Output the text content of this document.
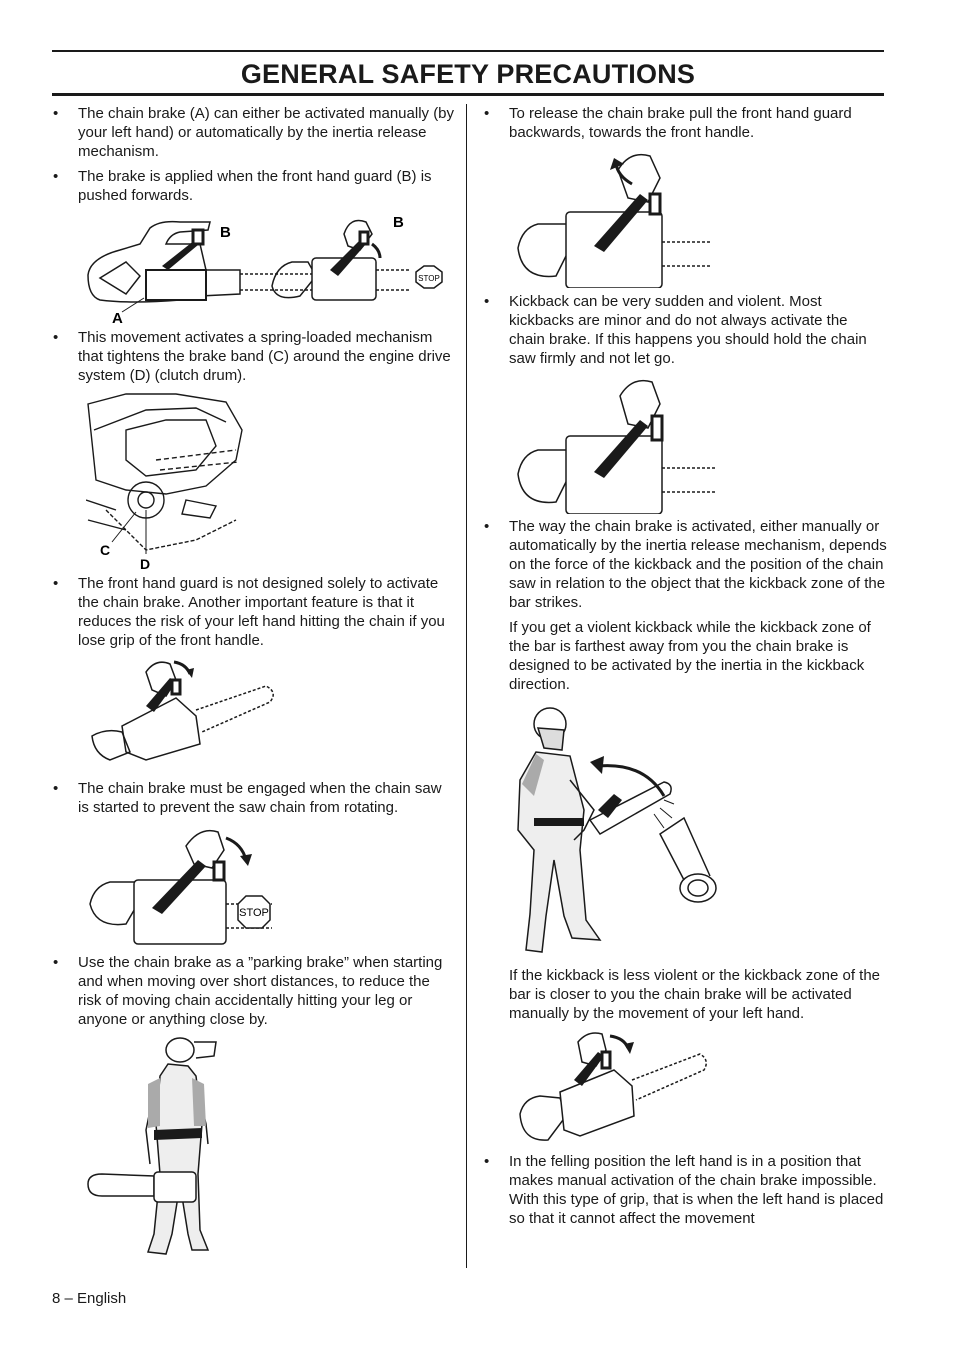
GENERAL SAFETY PRECAUTIONS
• The chain brake (A) can either be activated manually (by your left hand) or automatically by the inertia release mechanism.
• The brake is applied when the front hand guard (B) is pushed forwards.
B
A
B
STOP
• This movement activates a spring-loaded mechanism that tightens the brake band (C) around the engine drive system (D) (clutch drum).
C
D
• The front hand guard is not designed solely to activate the chain brake. Another important feature is that it reduces the risk of your left hand hitting the chain if you lose grip of the front handle.
• The chain brake must be engaged when the chain saw is started to prevent the saw chain from rotating.
STOP
• Use the chain brake as a ”parking brake” when starting and when moving over short distances, to reduce the risk of moving chain accidentally hitting your leg or anyone or anything close by.
• To release the chain brake pull the front hand guard backwards, towards the front handle.
• Kickback can be very sudden and violent. Most kickbacks are minor and do not always activate the chain brake. If this happens you should hold the chain saw firmly and not let go.
• The way the chain brake is activated, either manually or automatically by the inertia release mechanism, depends on the force of the kickback and the position of the chain saw in relation to the object that the kickback zone of the bar strikes.
If you get a violent kickback while the kickback zone of the bar is farthest away from you the chain brake is designed to be activated by the inertia in the kickback direction.
If the kickback is less violent or the kickback zone of the bar is closer to you the chain brake will be activated manually by the movement of your left hand.
• In the felling position the left hand is in a position that makes manual activation of the chain brake impossible. With this type of grip, that is when the left hand is placed so that it cannot affect the movement
8 – English
